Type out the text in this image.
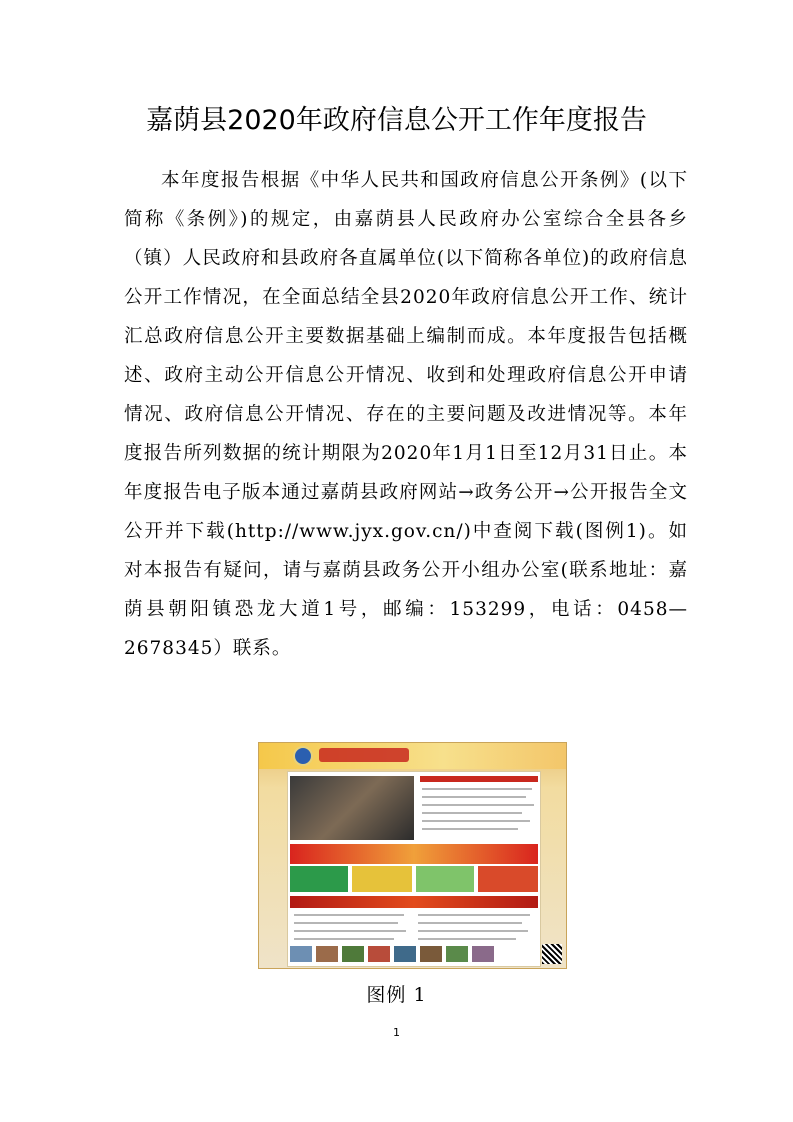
嘉荫县2020年政府信息公开工作年度报告
本年度报告根据《中华人民共和国政府信息公开条例》(以下简称《条例》)的规定，由嘉荫县人民政府办公室综合全县各乡（镇）人民政府和县政府各直属单位(以下简称各单位)的政府信息公开工作情况，在全面总结全县2020年政府信息公开工作、统计汇总政府信息公开主要数据基础上编制而成。本年度报告包括概述、政府主动公开信息公开情况、收到和处理政府信息公开申请情况、政府信息公开情况、存在的主要问题及改进情况等。本年度报告所列数据的统计期限为2020年1月1日至12月31日止。本年度报告电子版本通过嘉荫县政府网站→政务公开→公开报告全文公开并下载(http://www.jyx.gov.cn/)中查阅下载(图例1)。如对本报告有疑问，请与嘉荫县政务公开小组办公室(联系地址：嘉荫县朝阳镇恐龙大道1号，邮编：153299，电话：0458—2678345）联系。
图例 1
1
